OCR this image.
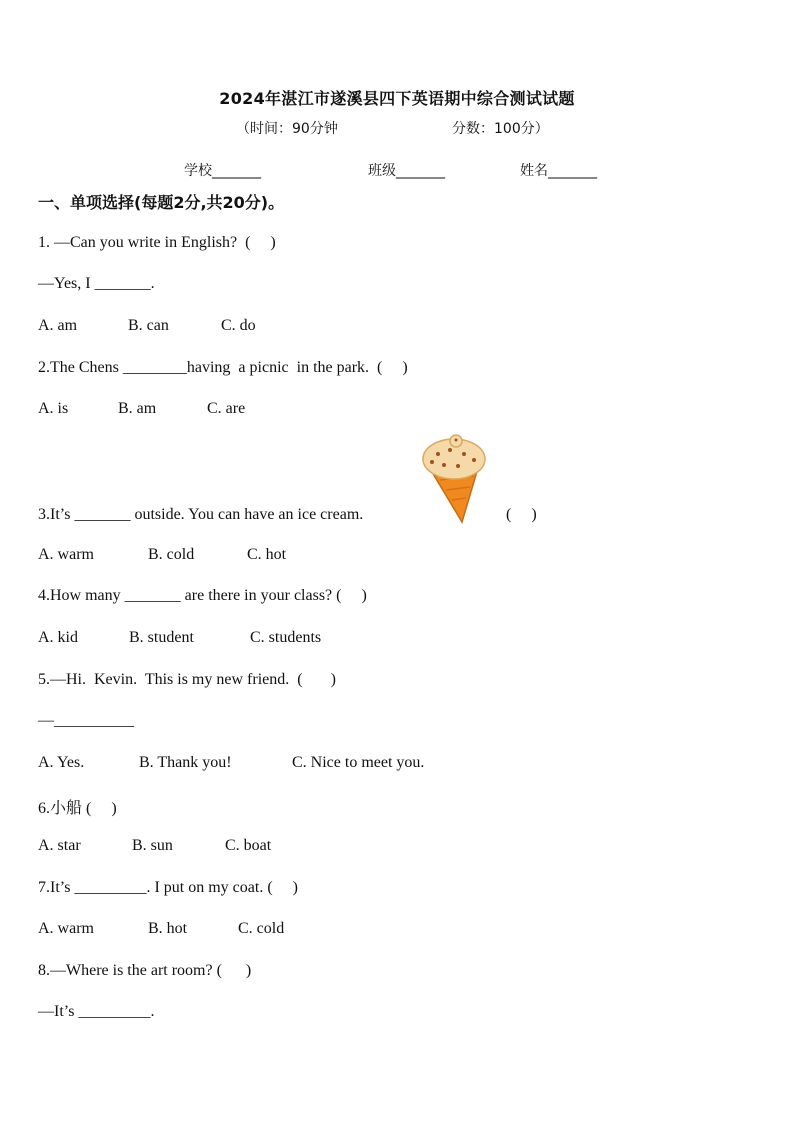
2024年湛江市遂溪县四下英语期中综合测试试题
（时间：90分钟	分数：100分）
学校_______	班级_______	姓名_______
一、单项选择(每题2分,共20分)。
1. —Can you write in English?  (     )
—Yes, I _______.
A. am	B. can	C. do
2.The Chens ________having  a picnic  in the park.  (     )
A. is	B. am	C. are
3.It’s _______ outside. You can have an ice cream.	(     )
A. warm	B. cold	C. hot
4.How many _______ are there in your class? (     )
A. kid	B. student	C. students
5.—Hi.  Kevin.  This is my new friend.  (       )
—__________
A. Yes.	B. Thank you!	C. Nice to meet you.
6.小船 (     )
A. star	B. sun	C. boat
7.It’s _________. I put on my coat. (     )
A. warm	B. hot	C. cold
8.—Where is the art room? (      )
—It’s _________.
